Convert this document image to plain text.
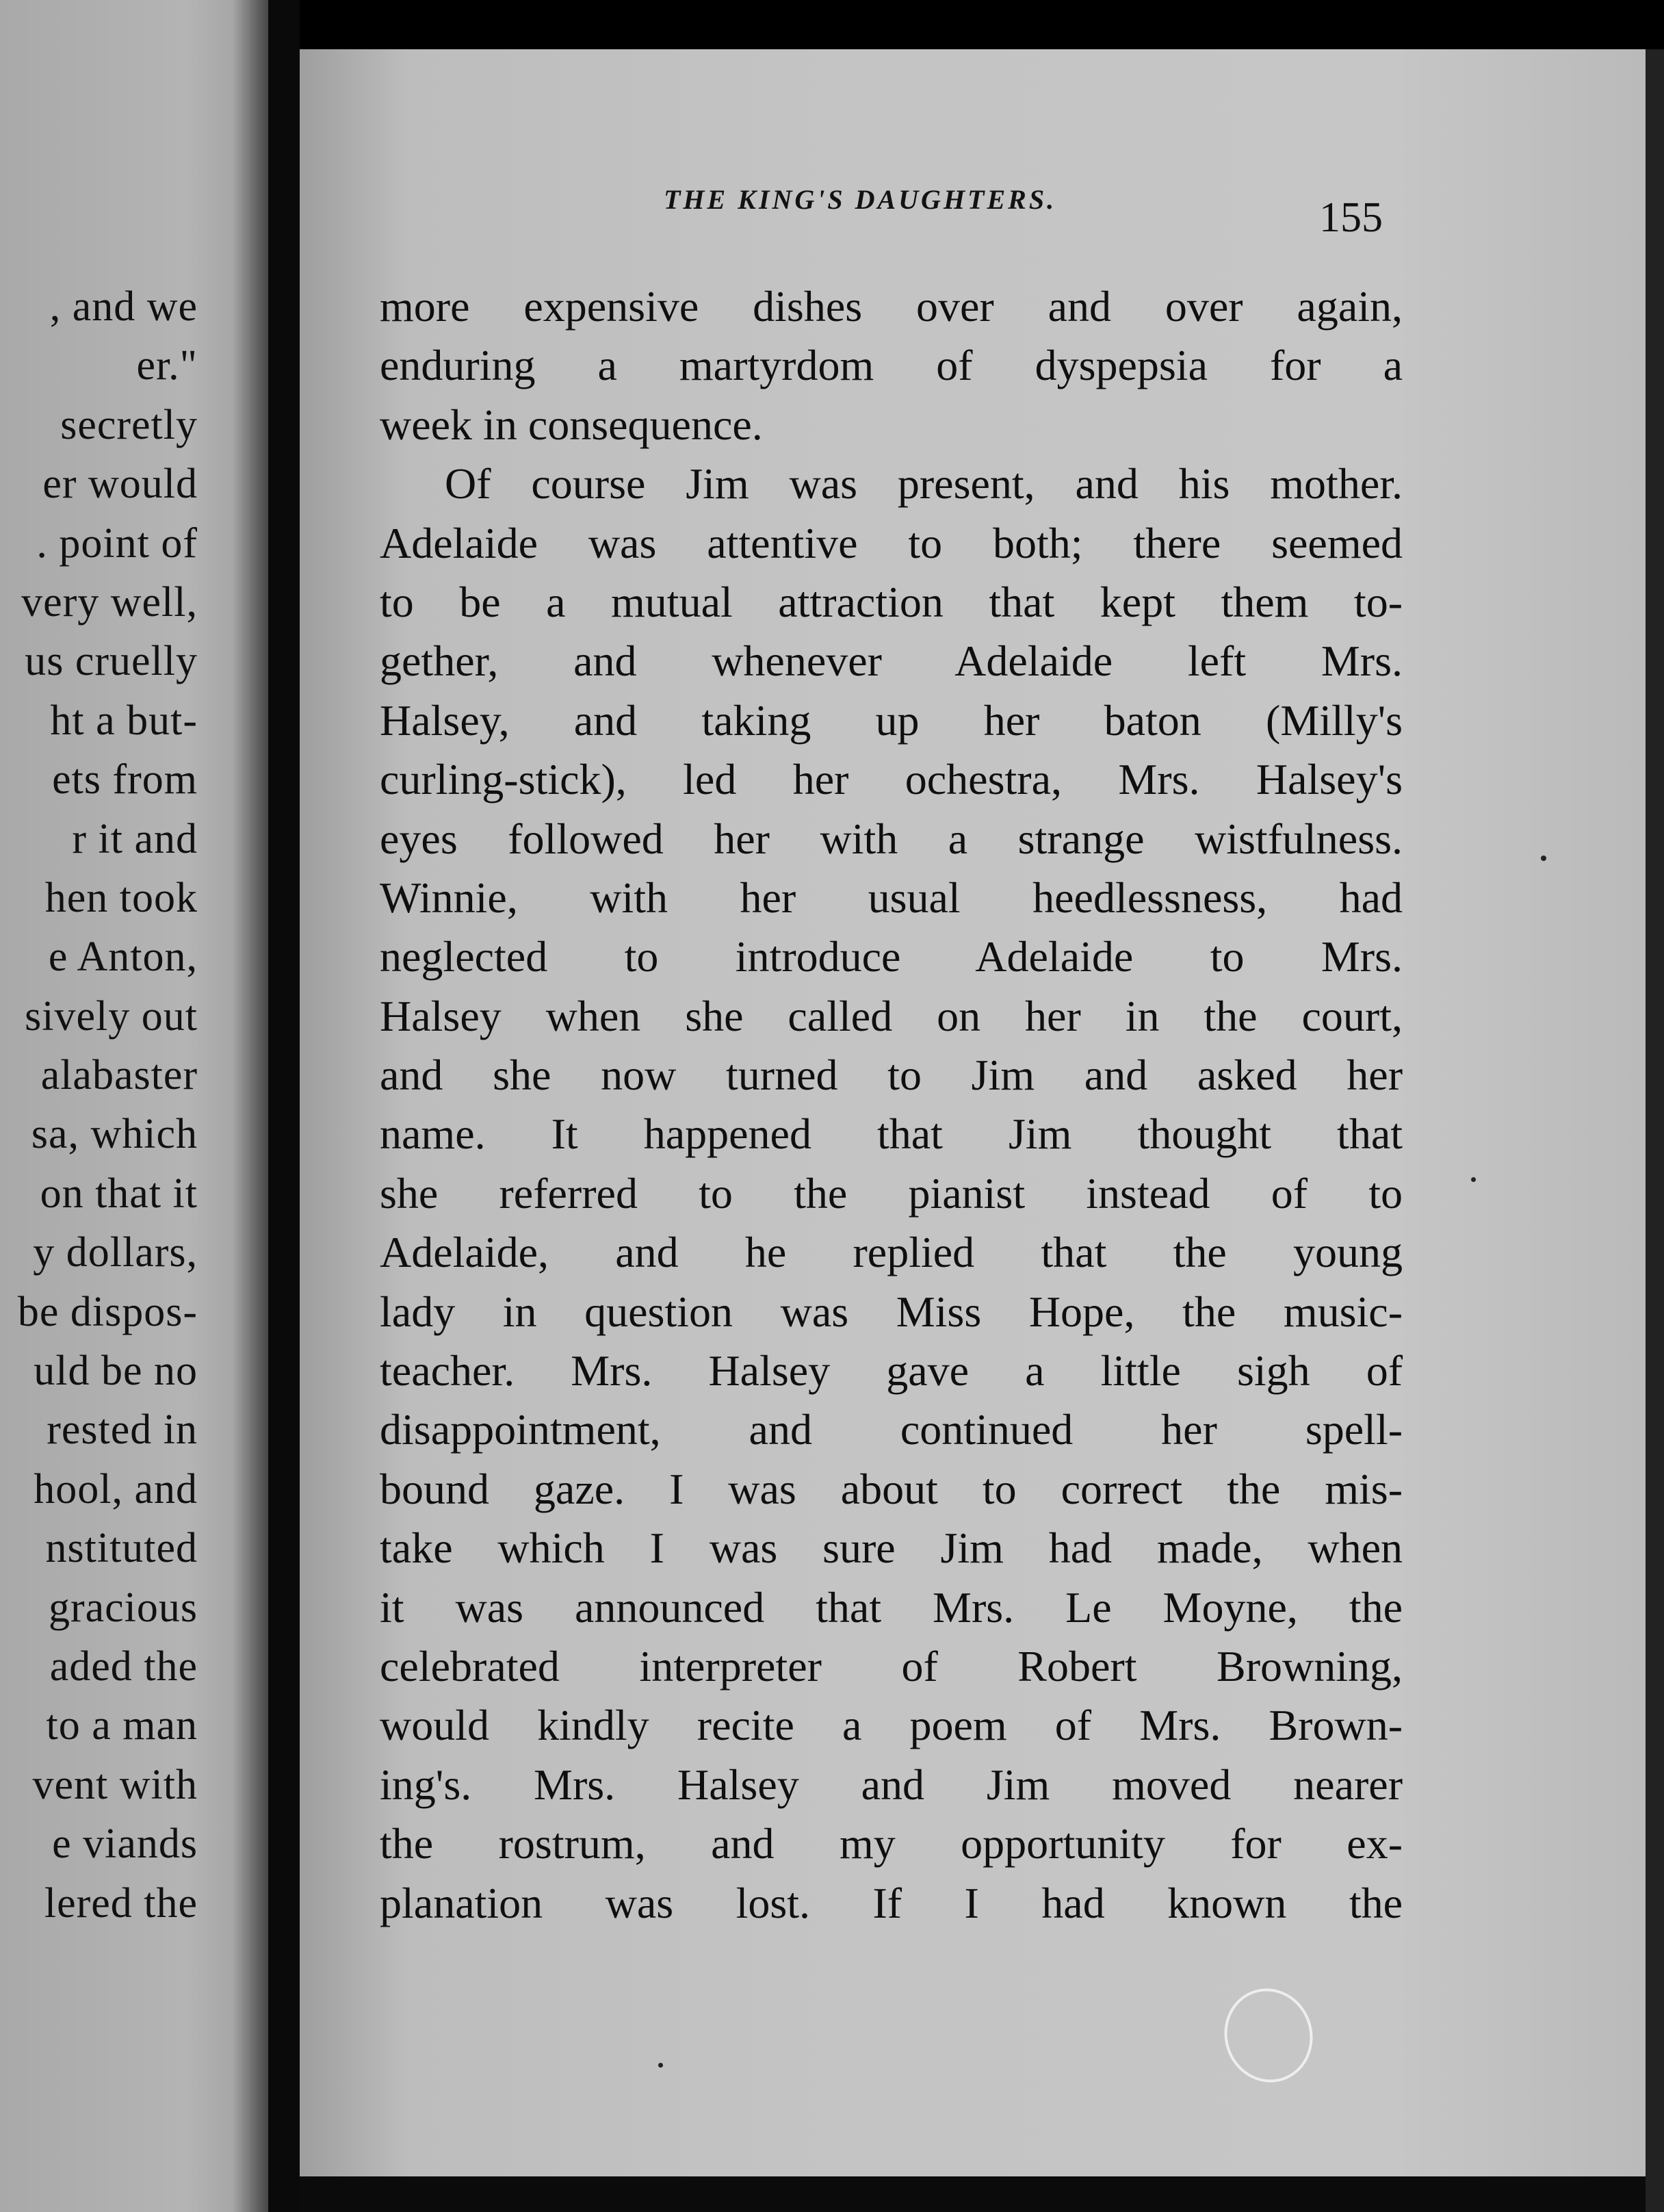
, and we
er."
secretly
er would
. point of
very well,
us cruelly
ht a but-
ets from
r it and
hen took
e Anton,
sively out
alabaster
sa, which
on that it
y dollars,
be dispos-
uld be no
rested in
hool, and
nstituted
gracious
aded the
to a man
vent with
e viands
lered the
THE KING'S DAUGHTERS.	155
more expensive dishes over and over again,
enduring a martyrdom of dyspepsia for a
week in consequence.
Of course Jim was present, and his mother.
Adelaide was attentive to both; there seemed
to be a mutual attraction that kept them to-
gether, and whenever Adelaide left Mrs.
Halsey, and taking up her baton (Milly's
curling-stick), led her ochestra, Mrs. Halsey's
eyes followed her with a strange wistfulness.
Winnie, with her usual heedlessness, had
neglected to introduce Adelaide to Mrs.
Halsey when she called on her in the court,
and she now turned to Jim and asked her
name. It happened that Jim thought that
she referred to the pianist instead of to
Adelaide, and he replied that the young
lady in question was Miss Hope, the music-
teacher. Mrs. Halsey gave a little sigh of
disappointment, and continued her spell-
bound gaze. I was about to correct the mis-
take which I was sure Jim had made, when
it was announced that Mrs. Le Moyne, the
celebrated interpreter of Robert Browning,
would kindly recite a poem of Mrs. Brown-
ing's. Mrs. Halsey and Jim moved nearer
the rostrum, and my opportunity for ex-
planation was lost. If I had known the
